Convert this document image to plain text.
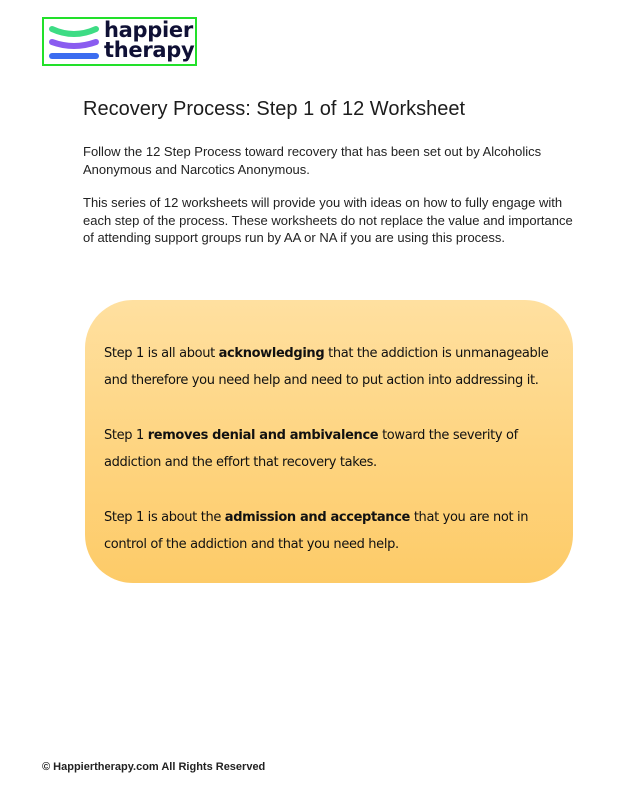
happier
therapy
Recovery Process: Step 1 of 12 Worksheet

Follow the 12 Step Process toward recovery that has been set out by Alcoholics Anonymous and Narcotics Anonymous.

This series of 12 worksheets will provide you with ideas on how to fully engage with each step of the process. These worksheets do not replace the value and importance of attending support groups run by AA or NA if you are using this process.

Step 1 is all about acknowledging that the addiction is unmanageable and therefore you need help and need to put action into addressing it.

Step 1 removes denial and ambivalence toward the severity of addiction and the effort that recovery takes.

Step 1 is about the admission and acceptance that you are not in control of the addiction and that you need help.

© Happiertherapy.com All Rights Reserved
